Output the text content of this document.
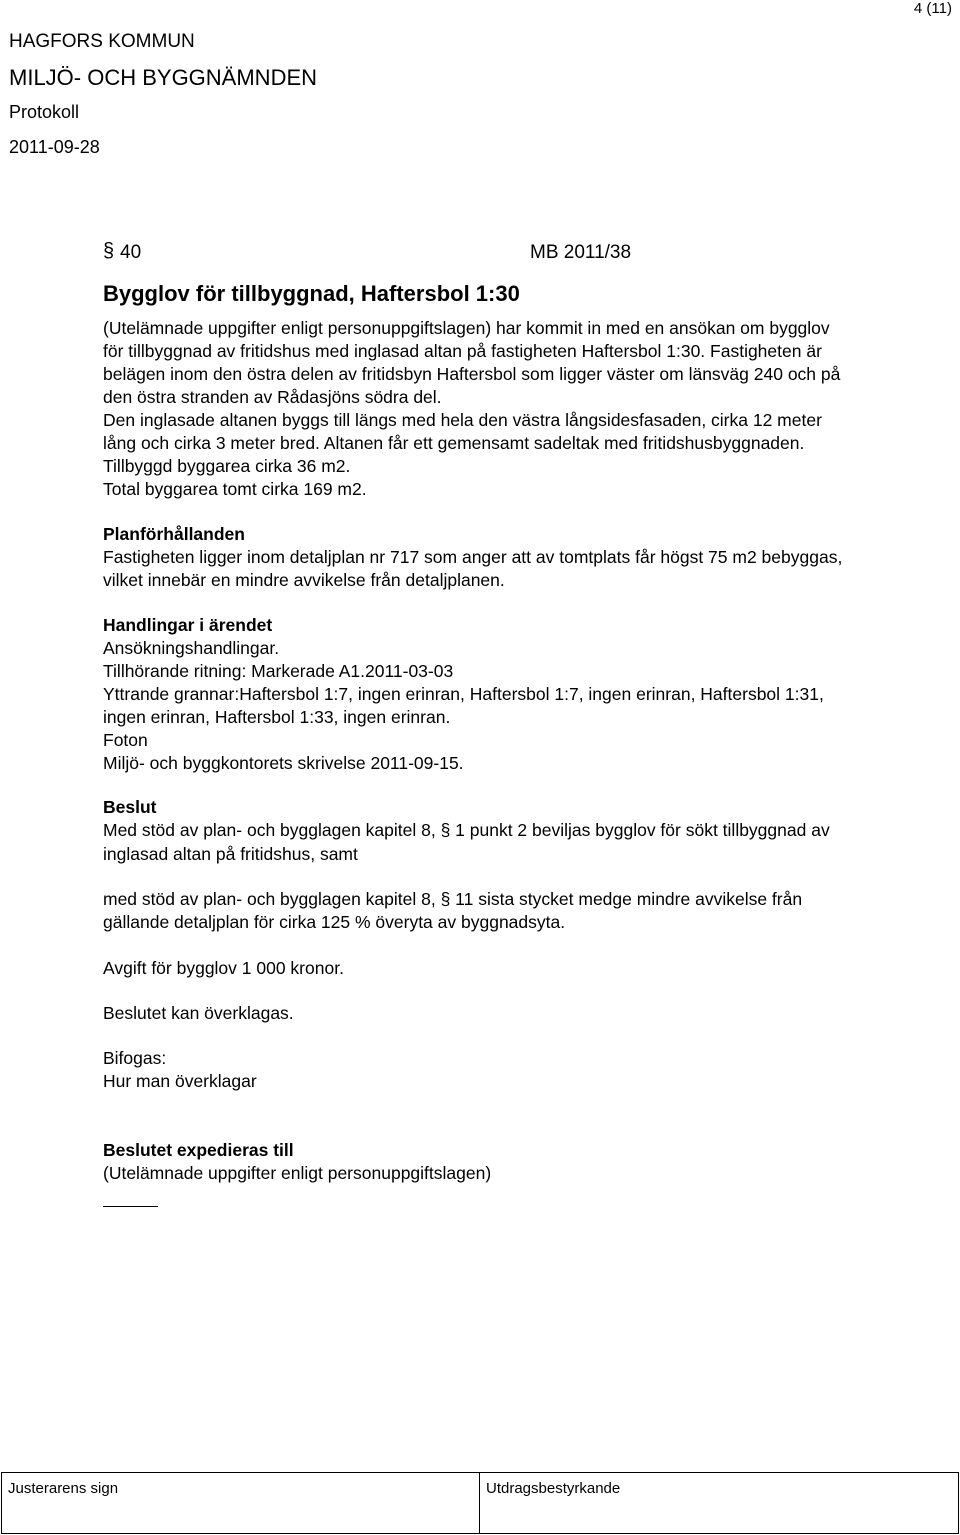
4 (11)
HAGFORS KOMMUN
MILJÖ- OCH BYGGNÄMNDEN
Protokoll
2011-09-28
§ 40	MB 2011/38
Bygglov för tillbyggnad, Haftersbol 1:30
(Utelämnade uppgifter enligt personuppgiftslagen) har kommit in med en ansökan om bygglov
för tillbyggnad av fritidshus med inglasad altan på fastigheten Haftersbol 1:30. Fastigheten är
belägen inom den östra delen av fritidsbyn Haftersbol som ligger väster om länsväg 240 och på
den östra stranden av Rådasjöns södra del.
Den inglasade altanen byggs till längs med hela den västra långsidesfasaden, cirka 12 meter
lång och cirka 3 meter bred. Altanen får ett gemensamt sadeltak med fritidshusbyggnaden.
Tillbyggd byggarea cirka 36 m2.
Total byggarea tomt cirka 169 m2.
Planförhållanden
Fastigheten ligger inom detaljplan nr 717 som anger att av tomtplats får högst 75 m2 bebyggas,
vilket innebär en mindre avvikelse från detaljplanen.
Handlingar i ärendet
Ansökningshandlingar.
Tillhörande ritning: Markerade A1.2011-03-03
Yttrande grannar:Haftersbol 1:7, ingen erinran, Haftersbol 1:7, ingen erinran, Haftersbol 1:31,
ingen erinran, Haftersbol 1:33, ingen erinran.
Foton
Miljö- och byggkontorets skrivelse 2011-09-15.
Beslut
Med stöd av plan- och bygglagen kapitel 8, § 1 punkt 2 beviljas bygglov för sökt tillbyggnad av
inglasad altan på fritidshus, samt
med stöd av plan- och bygglagen kapitel 8, § 11 sista stycket medge mindre avvikelse från
gällande detaljplan för cirka 125 % överyta av byggnadsyta.
Avgift för bygglov 1 000 kronor.
Beslutet kan överklagas.
Bifogas:
Hur man överklagar
Beslutet expedieras till
(Utelämnade uppgifter enligt personuppgiftslagen)
Justerarens sign	Utdragsbestyrkande
